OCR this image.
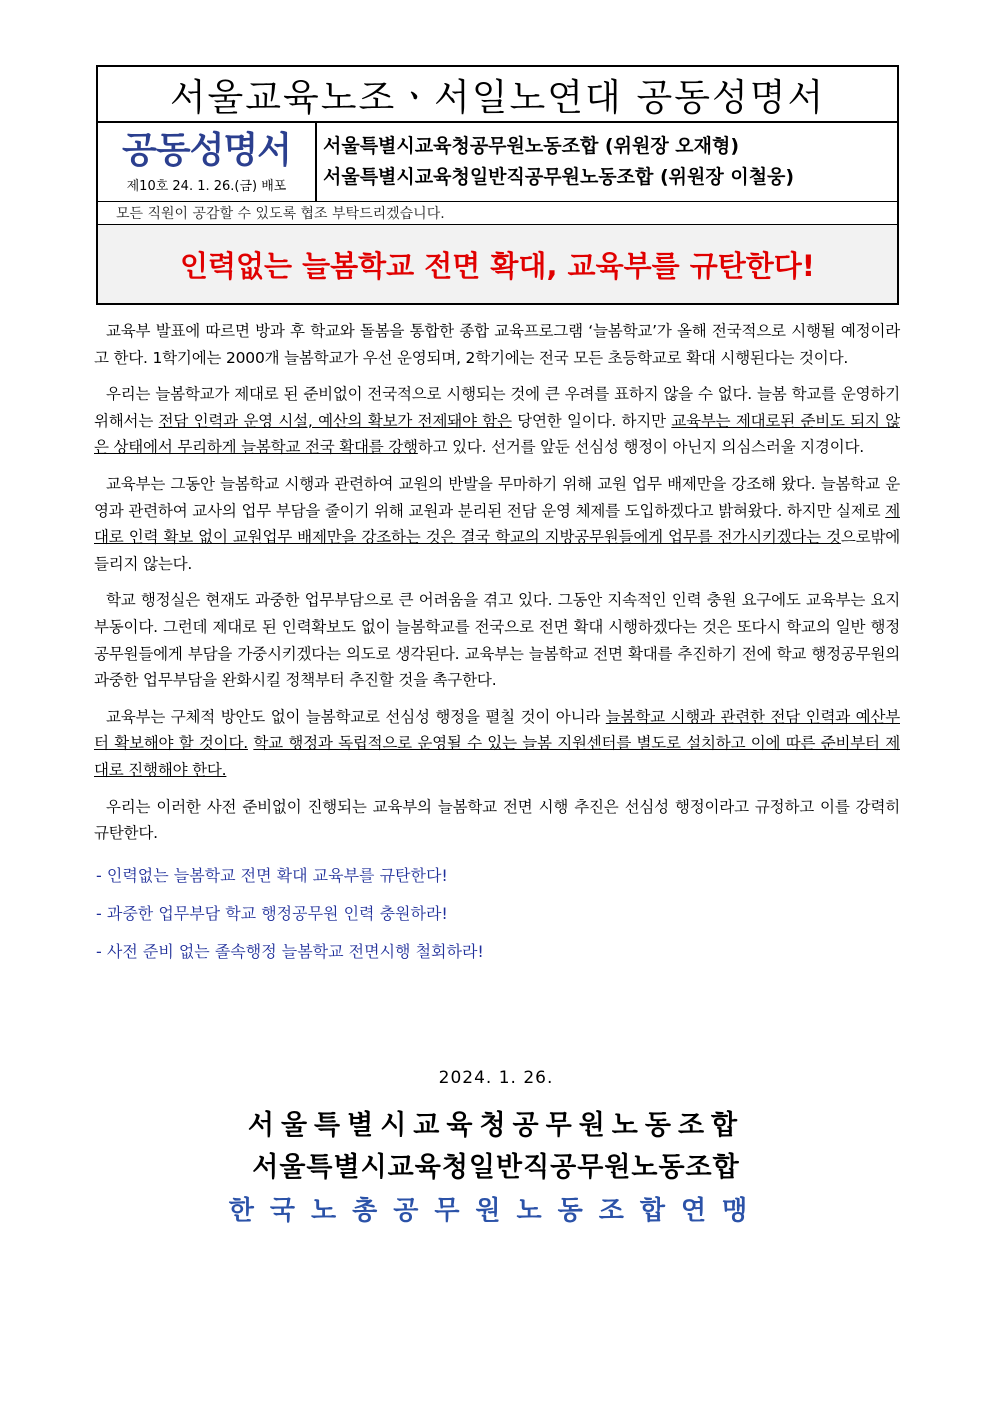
서울교육노조ㆍ서일노연대 공동성명서
공동성명서
제10호 24. 1. 26.(금) 배포
서울특별시교육청공무원노동조합 (위원장 오재형)
서울특별시교육청일반직공무원노동조합 (위원장 이철웅)
모든 직원이 공감할 수 있도록 협조 부탁드리겠습니다.
인력없는 늘봄학교 전면 확대, 교육부를 규탄한다!

교육부 발표에 따르면 방과 후 학교와 돌봄을 통합한 종합 교육프로그램 ‘늘봄학교’가 올해 전국적으로 시행될 예정이라고 한다. 1학기에는 2000개 늘봄학교가 우선 운영되며, 2학기에는 전국 모든 초등학교로 확대 시행된다는 것이다.

우리는 늘봄학교가 제대로 된 준비없이 전국적으로 시행되는 것에 큰 우려를 표하지 않을 수 없다. 늘봄 학교를 운영하기 위해서는 전담 인력과 운영 시설, 예산의 확보가 전제돼야 함은 당연한 일이다. 하지만 교육부는 제대로된 준비도 되지 않은 상태에서 무리하게 늘봄학교 전국 확대를 강행하고 있다. 선거를 앞둔 선심성 행정이 아닌지 의심스러울 지경이다.

교육부는 그동안 늘봄학교 시행과 관련하여 교원의 반발을 무마하기 위해 교원 업무 배제만을 강조해 왔다. 늘봄학교 운영과 관련하여 교사의 업무 부담을 줄이기 위해 교원과 분리된 전담 운영 체제를 도입하겠다고 밝혀왔다. 하지만 실제로 제대로 인력 확보 없이 교원업무 배제만을 강조하는 것은 결국 학교의 지방공무원들에게 업무를 전가시키겠다는 것으로밖에 들리지 않는다.

학교 행정실은 현재도 과중한 업무부담으로 큰 어려움을 겪고 있다. 그동안 지속적인 인력 충원 요구에도 교육부는 요지부동이다. 그런데 제대로 된 인력확보도 없이 늘봄학교를 전국으로 전면 확대 시행하겠다는 것은 또다시 학교의 일반 행정공무원들에게 부담을 가중시키겠다는 의도로 생각된다. 교육부는 늘봄학교 전면 확대를 추진하기 전에 학교 행정공무원의 과중한 업무부담을 완화시킬 정책부터 추진할 것을 촉구한다.

교육부는 구체적 방안도 없이 늘봄학교로 선심성 행정을 펼칠 것이 아니라 늘봄학교 시행과 관련한 전담 인력과 예산부터 확보해야 할 것이다. 학교 행정과 독립적으로 운영될 수 있는 늘봄 지원센터를 별도로 설치하고 이에 따른 준비부터 제대로 진행해야 한다.

우리는 이러한 사전 준비없이 진행되는 교육부의 늘봄학교 전면 시행 추진은 선심성 행정이라고 규정하고 이를 강력히 규탄한다.

- 인력없는 늘봄학교 전면 확대 교육부를 규탄한다!
- 과중한 업무부담 학교 행정공무원 인력 충원하라!
- 사전 준비 없는 졸속행정 늘봄학교 전면시행 철회하라!
2024. 1. 26.
서울특별시교육청공무원노동조합
서울특별시교육청일반직공무원노동조합
한국노총공무원노동조합연맹
